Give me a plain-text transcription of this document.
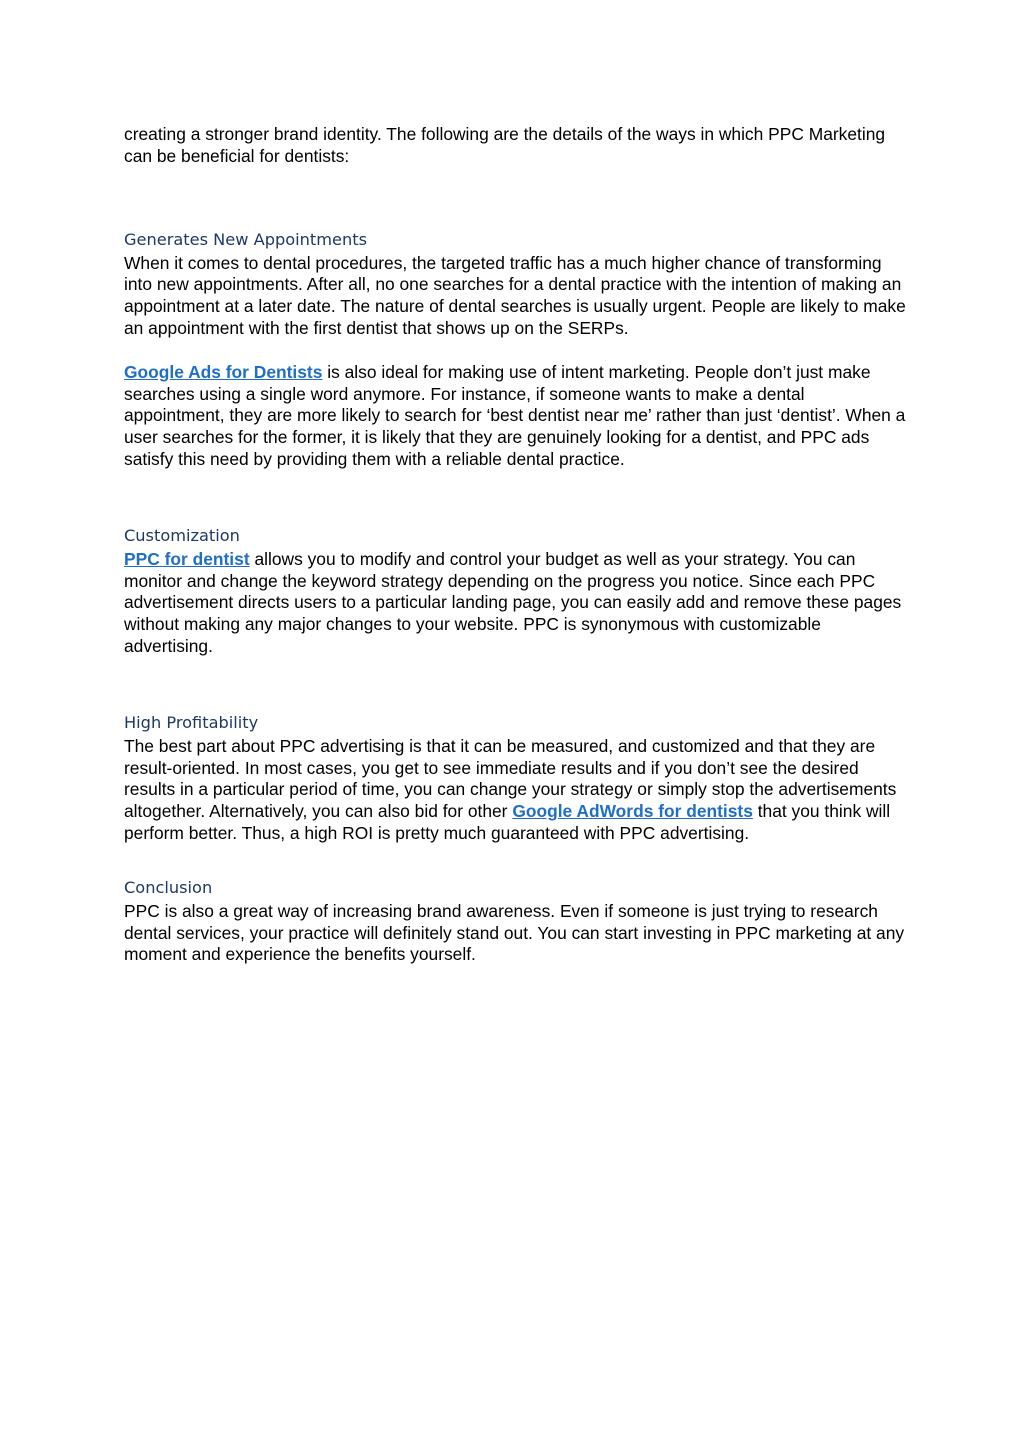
creating a stronger brand identity. The following are the details of the ways in which PPC Marketing can be beneficial for dentists:

Generates New Appointments

When it comes to dental procedures, the targeted traffic has a much higher chance of transforming into new appointments. After all, no one searches for a dental practice with the intention of making an appointment at a later date. The nature of dental searches is usually urgent. People are likely to make an appointment with the first dentist that shows up on the SERPs.

Google Ads for Dentists is also ideal for making use of intent marketing. People don’t just make searches using a single word anymore. For instance, if someone wants to make a dental appointment, they are more likely to search for ‘best dentist near me’ rather than just ‘dentist’. When a user searches for the former, it is likely that they are genuinely looking for a dentist, and PPC ads satisfy this need by providing them with a reliable dental practice.

Customization

PPC for dentist allows you to modify and control your budget as well as your strategy. You can monitor and change the keyword strategy depending on the progress you notice. Since each PPC advertisement directs users to a particular landing page, you can easily add and remove these pages without making any major changes to your website. PPC is synonymous with customizable advertising.

High Profitability

The best part about PPC advertising is that it can be measured, and customized and that they are result-oriented. In most cases, you get to see immediate results and if you don’t see the desired results in a particular period of time, you can change your strategy or simply stop the advertisements altogether. Alternatively, you can also bid for other Google AdWords for dentists that you think will perform better. Thus, a high ROI is pretty much guaranteed with PPC advertising.

Conclusion

PPC is also a great way of increasing brand awareness. Even if someone is just trying to research dental services, your practice will definitely stand out. You can start investing in PPC marketing at any moment and experience the benefits yourself.
